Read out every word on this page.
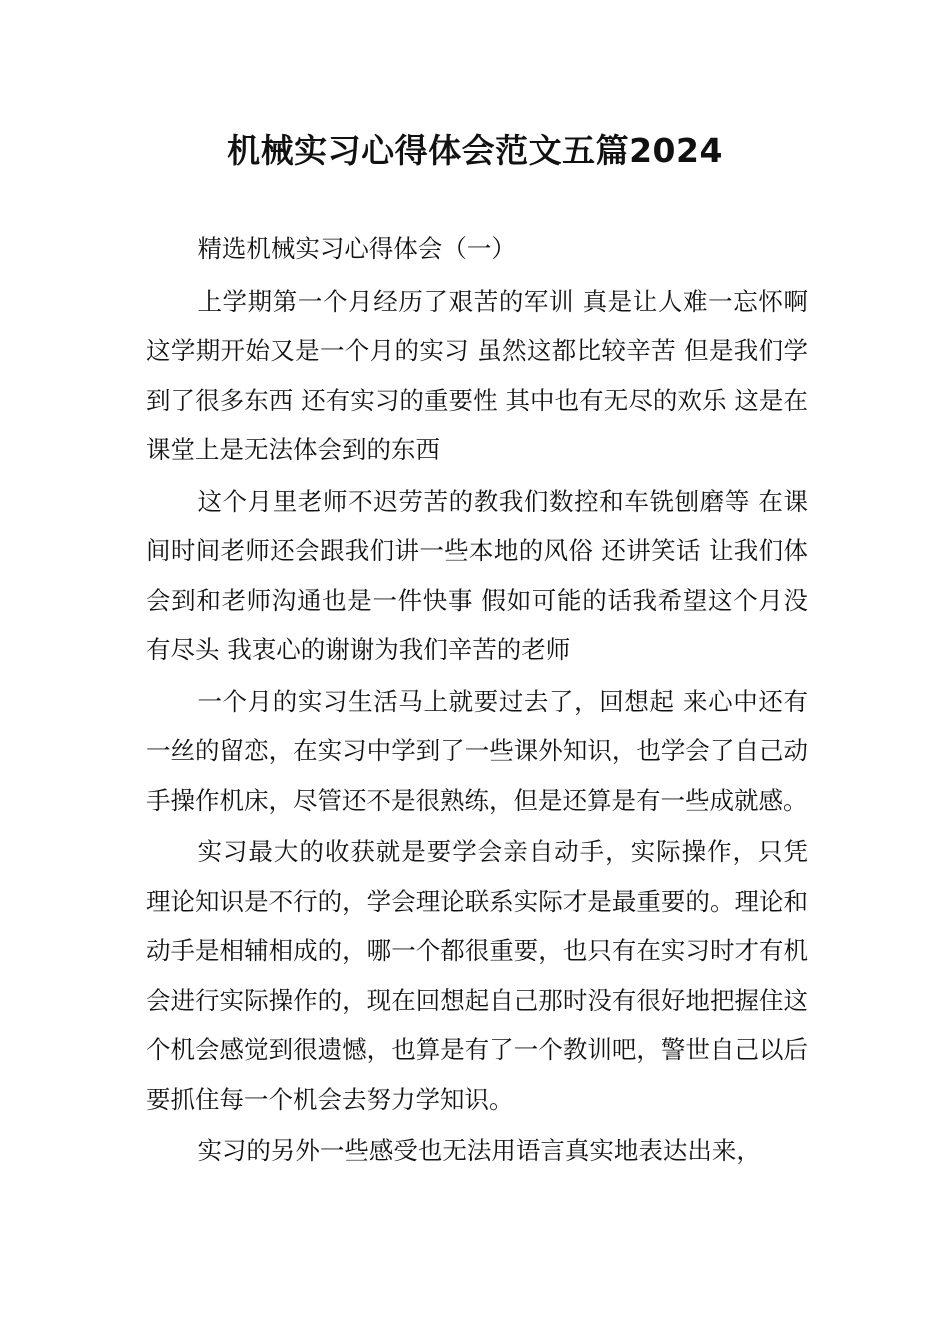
机械实习心得体会范文五篇2024

精选机械实习心得体会（一）

上学期第一个月经历了艰苦的军训 真是让人难一忘怀啊 这学期开始又是一个月的实习 虽然这都比较辛苦 但是我们学到了很多东西 还有实习的重要性 其中也有无尽的欢乐 这是在课堂上是无法体会到的东西

这个月里老师不迟劳苦的教我们数控和车铣刨磨等 在课间时间老师还会跟我们讲一些本地的风俗 还讲笑话 让我们体会到和老师沟通也是一件快事 假如可能的话我希望这个月没有尽头 我衷心的谢谢为我们辛苦的老师

一个月的实习生活马上就要过去了，回想起 来心中还有一丝的留恋，在实习中学到了一些课外知识，也学会了自己动手操作机床，尽管还不是很熟练，但是还算是有一些成就感。

实习最大的收获就是要学会亲自动手，实际操作，只凭理论知识是不行的，学会理论联系实际才是最重要的。理论和动手是相辅相成的，哪一个都很重要，也只有在实习时才有机会进行实际操作的，现在回想起自己那时没有很好地把握住这个机会感觉到很遗憾，也算是有了一个教训吧，警世自己以后要抓住每一个机会去努力学知识。

实习的另外一些感受也无法用语言真实地表达出来，
